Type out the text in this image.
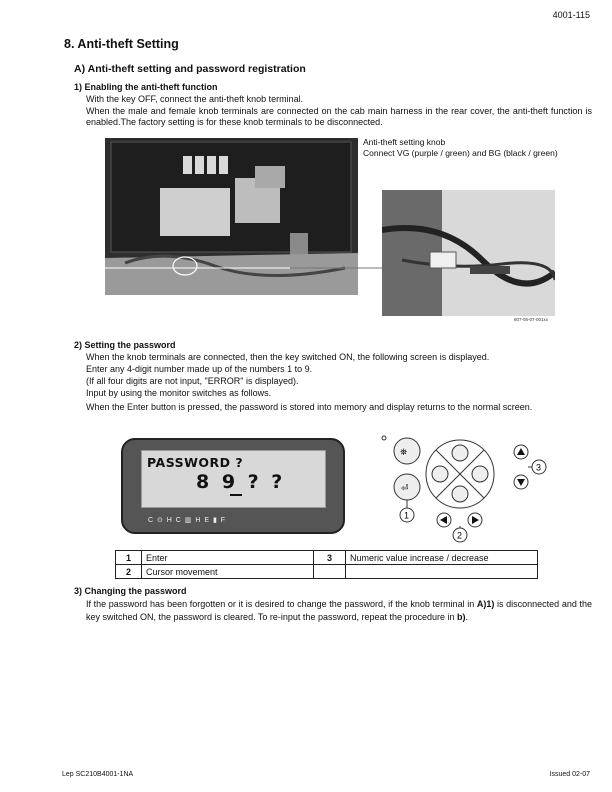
4001-115
8. Anti-theft Setting
A) Anti-theft setting and password registration
1) Enabling the anti-theft function
With the key OFF, connect the anti-theft knob terminal.
When the male and female knob terminals are connected on the cab main harness in the rear cover, the anti-theft function is enabled.The factory setting is for these knob terminals to be disconnected.
Anti-theft setting knob
Connect VG (purple / green) and BG (black / green)
807-05-07-001xx
2) Setting the password
When the knob terminals are connected, then the key switched ON, the following screen is displayed.
Enter any 4-digit number made up of the numbers 1 to 9.
(If all four digits are not input, "ERROR" is displayed).
Input by using the monitor switches as follows.
When the Enter button is pressed, the password is stored into memory and display returns to the normal screen.
PASSWORD ?
8 9 ? ?
C ⊙ H C ▥ H E ▮ F
⛯
⏎
1
2
3
1	Enter	3	Numeric value increase / decrease
2	Cursor movement		
3) Changing the password
If the password has been forgotten or it is desired to change the password, if the knob terminal in A)1) is disconnected and the key switched ON, the password is cleared. To re-input the password, repeat the procedure in b).
Lep SC210B4001-1NA	Issued 02-07
